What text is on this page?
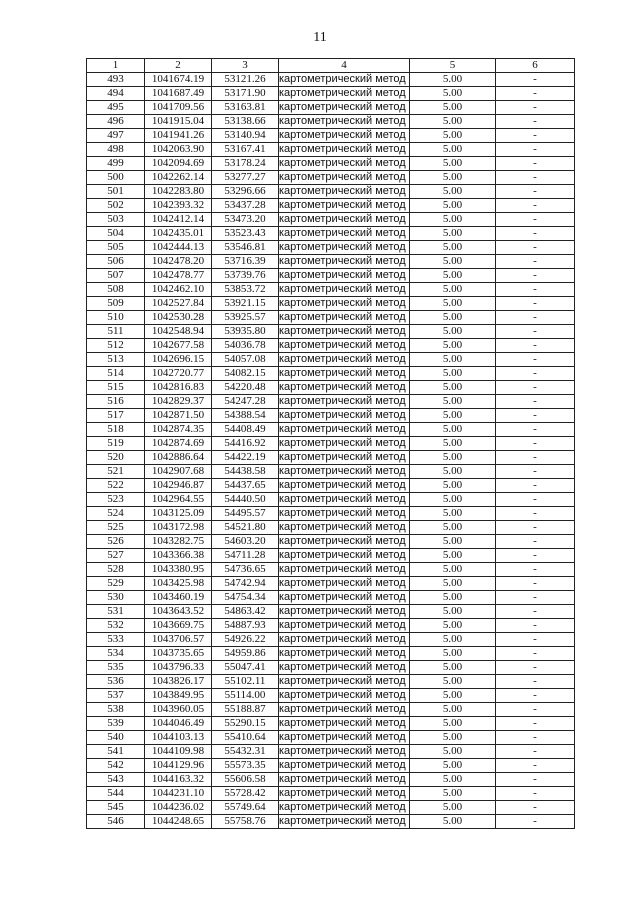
11
1	2	3	4	5	6
493	1041674.19	53121.26	картометрический метод	5.00	-
494	1041687.49	53171.90	картометрический метод	5.00	-
495	1041709.56	53163.81	картометрический метод	5.00	-
496	1041915.04	53138.66	картометрический метод	5.00	-
497	1041941.26	53140.94	картометрический метод	5.00	-
498	1042063.90	53167.41	картометрический метод	5.00	-
499	1042094.69	53178.24	картометрический метод	5.00	-
500	1042262.14	53277.27	картометрический метод	5.00	-
501	1042283.80	53296.66	картометрический метод	5.00	-
502	1042393.32	53437.28	картометрический метод	5.00	-
503	1042412.14	53473.20	картометрический метод	5.00	-
504	1042435.01	53523.43	картометрический метод	5.00	-
505	1042444.13	53546.81	картометрический метод	5.00	-
506	1042478.20	53716.39	картометрический метод	5.00	-
507	1042478.77	53739.76	картометрический метод	5.00	-
508	1042462.10	53853.72	картометрический метод	5.00	-
509	1042527.84	53921.15	картометрический метод	5.00	-
510	1042530.28	53925.57	картометрический метод	5.00	-
511	1042548.94	53935.80	картометрический метод	5.00	-
512	1042677.58	54036.78	картометрический метод	5.00	-
513	1042696.15	54057.08	картометрический метод	5.00	-
514	1042720.77	54082.15	картометрический метод	5.00	-
515	1042816.83	54220.48	картометрический метод	5.00	-
516	1042829.37	54247.28	картометрический метод	5.00	-
517	1042871.50	54388.54	картометрический метод	5.00	-
518	1042874.35	54408.49	картометрический метод	5.00	-
519	1042874.69	54416.92	картометрический метод	5.00	-
520	1042886.64	54422.19	картометрический метод	5.00	-
521	1042907.68	54438.58	картометрический метод	5.00	-
522	1042946.87	54437.65	картометрический метод	5.00	-
523	1042964.55	54440.50	картометрический метод	5.00	-
524	1043125.09	54495.57	картометрический метод	5.00	-
525	1043172.98	54521.80	картометрический метод	5.00	-
526	1043282.75	54603.20	картометрический метод	5.00	-
527	1043366.38	54711.28	картометрический метод	5.00	-
528	1043380.95	54736.65	картометрический метод	5.00	-
529	1043425.98	54742.94	картометрический метод	5.00	-
530	1043460.19	54754.34	картометрический метод	5.00	-
531	1043643.52	54863.42	картометрический метод	5.00	-
532	1043669.75	54887.93	картометрический метод	5.00	-
533	1043706.57	54926.22	картометрический метод	5.00	-
534	1043735.65	54959.86	картометрический метод	5.00	-
535	1043796.33	55047.41	картометрический метод	5.00	-
536	1043826.17	55102.11	картометрический метод	5.00	-
537	1043849.95	55114.00	картометрический метод	5.00	-
538	1043960.05	55188.87	картометрический метод	5.00	-
539	1044046.49	55290.15	картометрический метод	5.00	-
540	1044103.13	55410.64	картометрический метод	5.00	-
541	1044109.98	55432.31	картометрический метод	5.00	-
542	1044129.96	55573.35	картометрический метод	5.00	-
543	1044163.32	55606.58	картометрический метод	5.00	-
544	1044231.10	55728.42	картометрический метод	5.00	-
545	1044236.02	55749.64	картометрический метод	5.00	-
546	1044248.65	55758.76	картометрический метод	5.00	-
